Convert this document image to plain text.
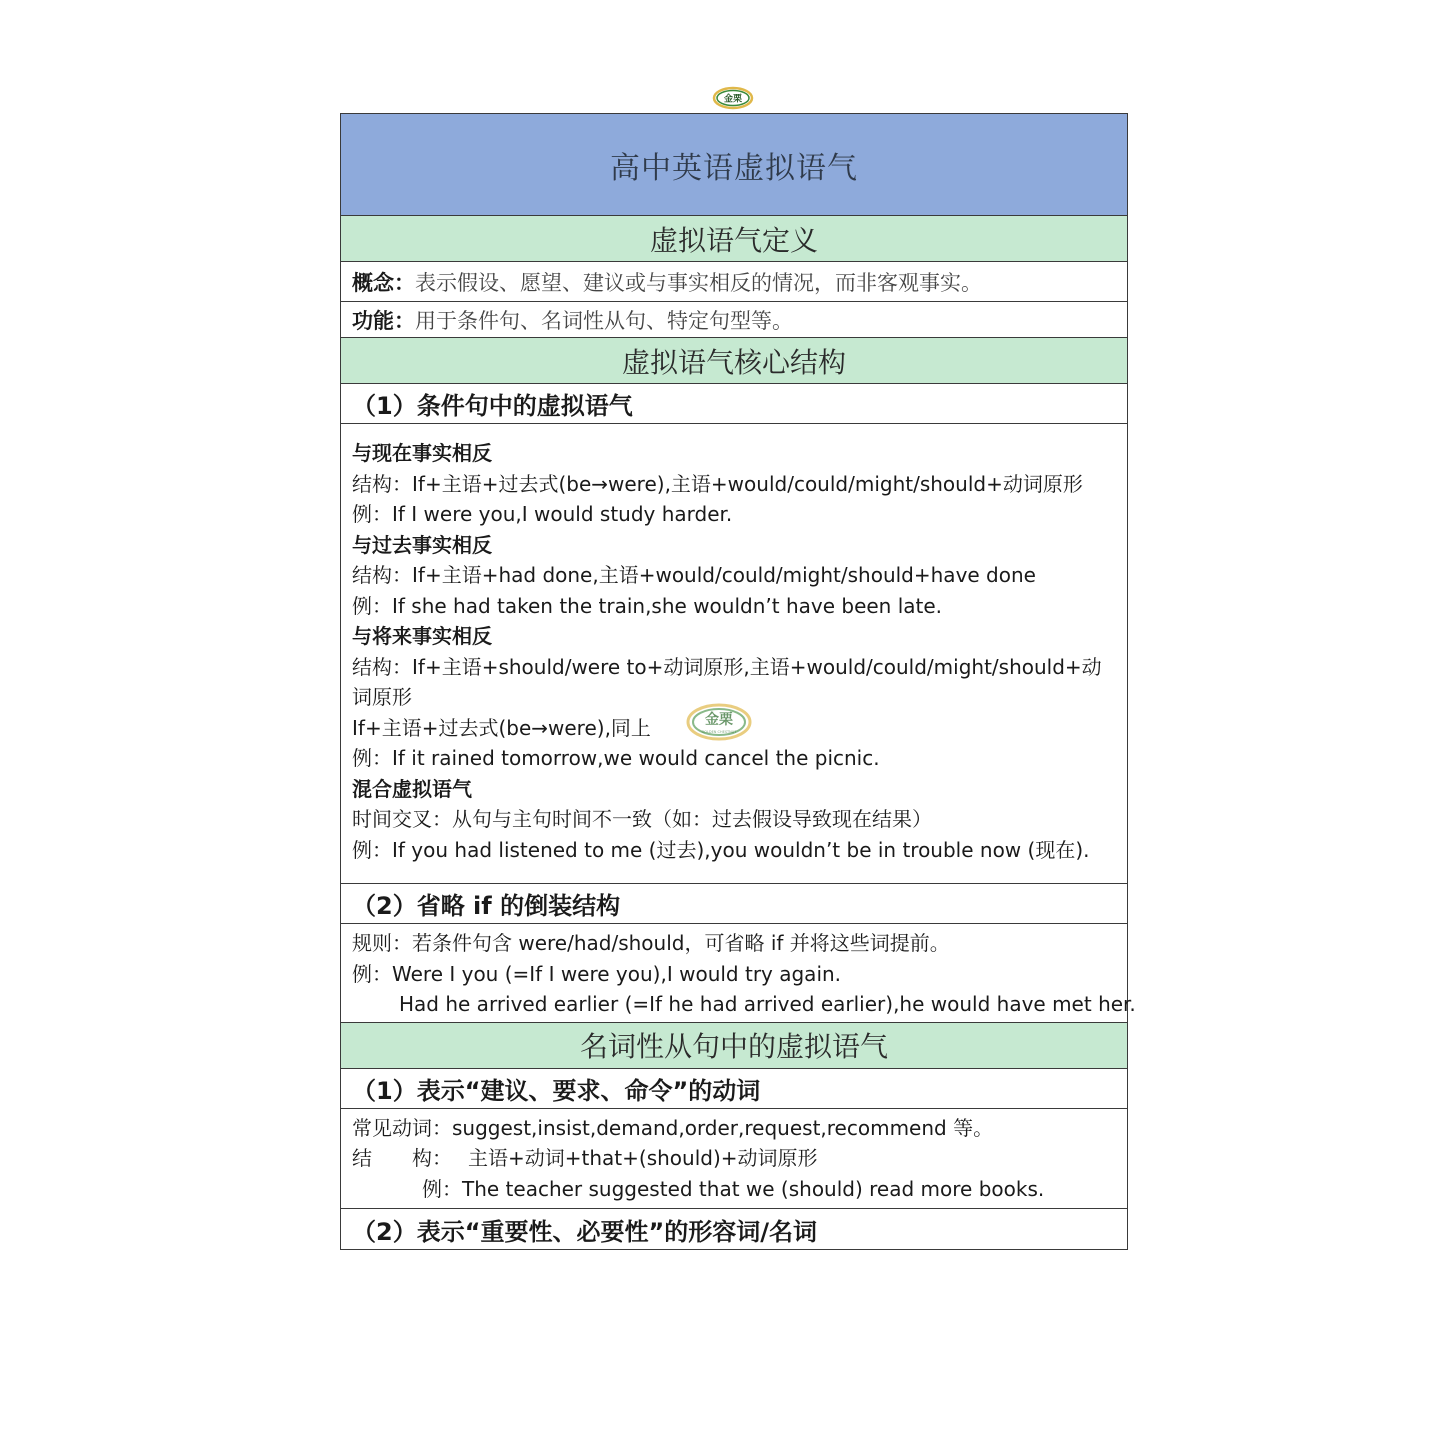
金栗
高中英语虚拟语气
虚拟语气定义
概念： 表示假设、愿望、建议或与事实相反的情况，而非客观事实。
功能： 用于条件句、名词性从句、特定句型等。
虚拟语气核心结构
（1）条件句中的虚拟语气
与现在事实相反
结构：If+主语+过去式(be→were),主语+would/could/might/should+动词原形
例：If I were you,I would study harder.
与过去事实相反
结构：If+主语+had done,主语+would/could/might/should+have done
例：If she had taken the train,she wouldn’t have been late.
与将来事实相反
结构：If+主语+should/were to+动词原形,主语+would/could/might/should+动词原形
If+主语+过去式(be→were),同上
例：If it rained tomorrow,we would cancel the picnic.
混合虚拟语气
时间交叉：从句与主句时间不一致（如：过去假设导致现在结果）
例：If you had listened to me (过去),you wouldn’t be in trouble now (现在).
金栗
GOLDEN CHESTNUT
（2）省略 if 的倒装结构
规则：若条件句含 were/had/should，可省略 if 并将这些词提前。
例：Were I you (=If I were you),I would try again.
Had he arrived earlier (=If he had arrived earlier),he would have met her.
名词性从句中的虚拟语气
（1）表示“建议、要求、命令”的动词
常见动词：suggest,insist,demand,order,request,recommend 等。
结　　构： 主语+动词+that+(should)+动词原形
例：The teacher suggested that we (should) read more books.
（2）表示“重要性、必要性”的形容词/名词
